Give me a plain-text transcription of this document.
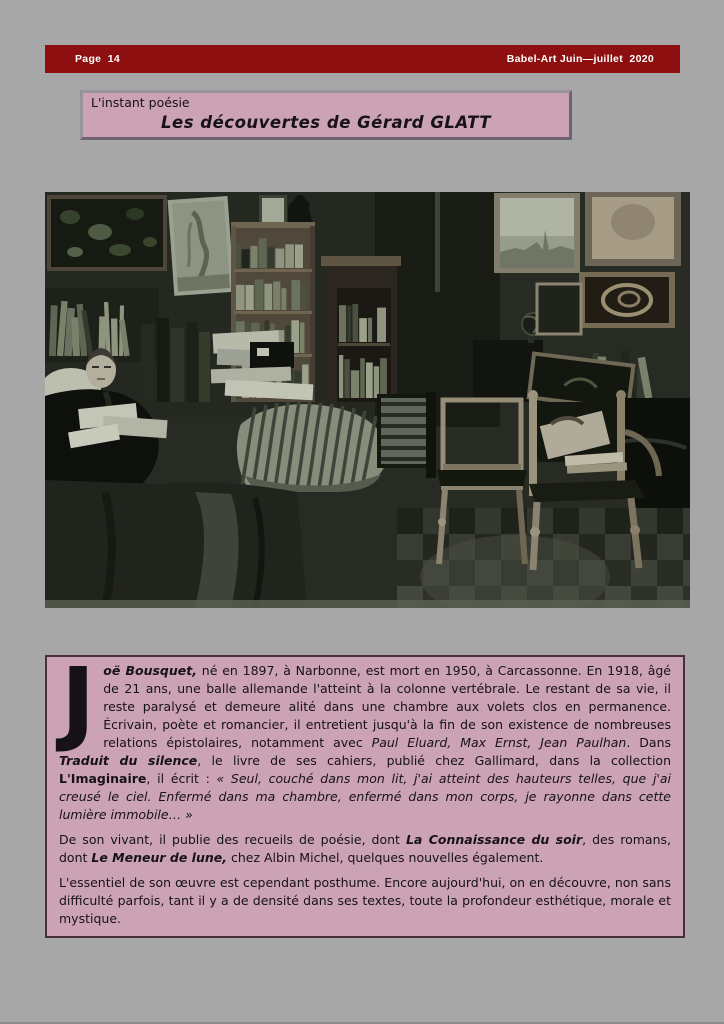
Page  14	Babel-Art Juin—juillet  2020
L'instant poésie
Les découvertes de Gérard GLATT

Joë Bousquet, né en 1897, à Narbonne, est mort en 1950, à Carcassonne. En 1918, âgé de 21 ans, une balle allemande l'atteint à la colonne vertébrale. Le restant de sa vie, il reste paralysé et demeure alité dans une chambre aux volets clos en permanence. Écrivain, poète et romancier, il entretient jusqu'à la fin de son existence de nombreuses relations épistolaires, notamment avec Paul Eluard, Max Ernst, Jean Paulhan. Dans Traduit du silence, le livre de ses cahiers, publié chez Gallimard, dans la collection L'Imaginaire, il écrit : « Seul, couché dans mon lit, j'ai atteint des hauteurs telles, que j'ai creusé le ciel. Enfermé dans ma chambre, enfermé dans mon corps, je rayonne dans cette lumière immobile… »

De son vivant, il publie des recueils de poésie, dont La Connaissance du soir, des romans, dont Le Meneur de lune, chez Albin Michel, quelques nouvelles également.

L'essentiel de son œuvre est cependant posthume. Encore aujourd'hui, on en découvre, non sans difficulté parfois, tant il y a de densité dans ses textes, toute la profondeur esthétique, morale et mystique.
